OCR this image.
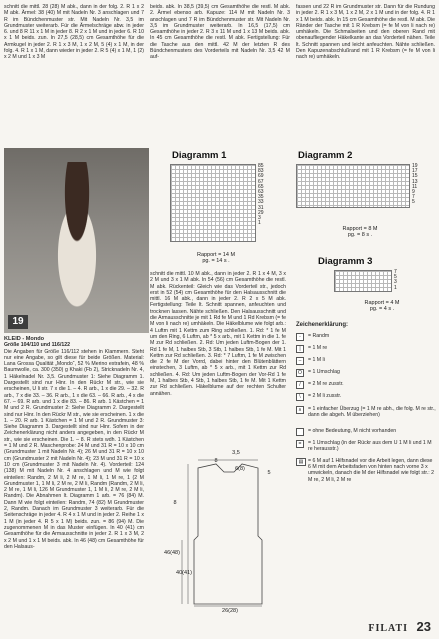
schnitt die mittl. 28 (28) M abk., dann in der folg. 2. R 1 x 2 M abk. Ärmel: 38 (40) M mit Nadeln Nr. 3 anschlagen und 7 R im Bündchenmuster str. Mit Nadeln Nr. 3,5 im Grundmuster weiterarb. Für die Ärmelschräge abw. in jeder 6. und 8 R 11 x 1 M in jeder 8. R 2 x 1 M und in jeder 6. R 10 x 1 M beids. zun. In 27,5 (28,5) cm Gesamthöhe für die Armkugel in jeder 2. R 1 x 3 M, 1 x 2 M, 5 (4) x 1 M, in der folg. 4. R 1 x 1 M, dann wieder in jeder 2. R 5 (4) x 1 M, 1 (2) x 2 M und 1 x 3 M

beids. abk. In 38,5 (39,5) cm Gesamthöhe die restl. M abk. 2. Ärmel ebenso arb. Kapuze: 114 M mit Nadeln Nr. 3 anschlagen und 7 R im Bündchenmuster str. Mit Nadeln Nr. 3,5 im Grundmuster weiterarb. In 16,5 (17,5) cm Gesamthöhe in jeder 2. R 3 x 11 M und 1 x 13 M beids. abk. In 45 cm Gesamthöhe die restl. M abk. Fertigstellung: Für die Tasche aus den mittl. 42 M der letzten R des Bündchenmusters des Vorderteils mit Nadeln Nr. 3,5 42 M auf-

fassen und 22 R im Grundmuster str. Dann für die Rundung in jeder 2. R 1 x 3 M, 1 x 2 M, 2 x 1 M und in der folg. 4. R 1 x 1 M beids. abk. In 15 cm Gesamthöhe die restl. M abk. Die Ränder der Tasche mit 1 R Krebsm (= fe M von li nach re) umhäkeln. Die Schmalseiten und den oberen Rand mit obenaufliegender Häkelkante an das Vorderteil nähen. Teile lt. Schnitt spannen und leicht anfeuchten. Nähte schließen. Den Kapuzenabschlußrand mit 1 R Krebsm (= fe M von li nach re) umhäkeln.

19
Diagramm 1
85
83
69
67
65
63
35
33
31
29
3
1
Rapport = 14 M
pg. = 14 s .
Diagramm 2
19
17
15
13
11
9
7
5
Rapport = 8 M
pg. = 8 s .

schnitt die mittl. 10 M abk., dann in jeder 2. R 1 x 4 M, 3 x 2 M und 3 x 1 M abk. In 54 (56) cm Gesamthöhe die restl. M abk. Rückenteil: Gleich wie das Vorderteil str., jedoch erst in 52 (54) cm Gesamthöhe für den Halsausschnitt die mittl. 16 M abk., dann in jeder 2. R 2 x 5 M abk. Fertigstellung: Teile lt. Schnitt spannen, anfeuchten und trocknen lassen. Nähte schließen. Den Halsausschnitt und die Armausschnitte je mit 1 Rd fe M und 1 Rd Krebsm (= fe M von li nach re) umhäkeln. Die Häkelblume wie folgt arb.: 4 Luftm mit 1 Kettm zum Ring schließen. 1. Rd: * 1 fe M um den Ring, 6 Luftm, ab * 5 x arb., mit 1 Kettm in die 1. fe M zur Rd schließen. 2. Rd: Um jeden Luftm-Bogen der 1. Rd 1 fe M, 1 halbes Stb, 3 Stb, 1 halbes Stb, 1 fe M. Mit 1 Kettm zur Rd schließen. 3. Rd: * 7 Luftm, 1 fe M zwischen die 2 fe M der Vorrd, dabei hinter den Blütenblättern einstechen, 3 Luftm, ab * 5 x arb., mit 1 Kettm zur Rd schließen. 4. Rd: Um jeden Luftm-Bogen der Vor-Rd 1 fe M, 1 halbes Stb, 4 Stb, 1 halbes Stb, 1 fe M. Mit 1 Kettm zur Rd schließen. Häkelblume auf der rechten Schulter annähen.

Diagramm 3
7
5
3
1
Rapport = 4 M
pg. = 4 s .
Zeichenerklärung:
◦	= Randm
|	= 1 M re
–	= 1 M li
O	= 1 Umschlag
/	= 2 M re zusstr.
\	= 2 M li zusstr.
∧	= 1 einfacher Überzug (= 1 M re abh., die folg. M re str., dann die abgeh. M überziehen)
= ohne Bedeutung, M nicht vorhanden
=	= 1 Umschlag (in der Rückr aus dem U 1 M li und 1 M re herausstr.)
▤ = 6 M auf 1 Hilfsnadel vor die Arbeit legen, dann diese 6 M mit dem Arbeitsfaden von hinten nach vorne 3 x umwickeln, danach die M der Hilfsnadel wie folgt str.: 2 M re, 2 M li, 2 M re

KLEID - Mondo

Größe 104/110 und 116/122

Die Angaben für Größe 116/112 stehen in Klammern. Steht nur eine Angabe, so gilt diese für beide Größen. Material: Lana Grossa Qualität „Mondo“, 52 % Merino extrafein, 48 % Baumwolle, ca. 300 (350) g Khaki (Fb 2), Stricknadeln Nr. 4, 1 Häkelnadel Nr. 3,5. Grundmuster 1: Siehe Diagramm 1. Dargestellt sind nur Hinr. In den Rückr M str., wie sie erscheinen, U li str. 7 x die 1. – 4. R arb., 1 x die 29. – 32. R arb., 7 x die 33. – 36. R arb., 1 x die 63. – 66. R arb., 4 x die 67. – 69. R arb. und 1 x die 83. – 86. R arb. 1 Kästchen = 1 M und 2 R. Grundmuster 2: Siehe Diagramm 2. Dargestellt sind nur Hinr. In den Rückr M str., wie sie erscheinen. 1 x die 1. – 20. R arb. 1 Kästchen = 1 M und 2 R. Grundmuster 3: Siehe Diagramm 3. Dargestellt sind nur Hinr. Sofern in der Zeichenerklärung nicht anders angegeben, in den Rückr M str., wie sie erscheinen. Die 1. – 8. R stets wdh. 1 Kästchen = 1 M und 2 R. Maschenprobe: 24 M und 31 R = 10 x 10 cm (Grundmuster 1 mit Nadeln Nr. 4); 26 M und 31 R = 10 x 10 cm (Grundmuster 2 mit Nadeln Nr. 4); 23 M und 31 R = 10 x 10 cm (Grundmuster 3 mit Nadeln Nr. 4). Vorderteil: 124 (138) M mit Nadeln Nr. 4 anschlagen und M wie folgt einteilen: Randm, 2 M li, 2 M re, 1 M li, 1 M re, 1 (2 M Grundmuster 1, 1 M li, 2 M re, 2 M li, Randm (Randm, 2 M li, 2 M re, 1 M li, 126 M Grundmuster 1, 1 M li, 2 M re, 2 M li, Randm). Die Abnahmen lt. Diagramm 1 arb. = 76 (84) M. Dann M wie folgt einteilen: Randm, 74 (82) M Grundmuster 2, Randm. Danach im Grundmuster 3 weiterarb. Für die Seitenschräge in jeder 4. R 4 x 1 M und in jeder 2. Reihe 1 x 1 M (in jeder 4. R 5 x 1 M) beids. zun. = 86 (94) M. Die zugenommenen M in das Muster einfügen. In 40 (41) cm Gesamthöhe für die Armausschnitte in jeder 2. R 1 x 3 M, 2 x 2 M und 1 x 1 M beids. abk. In 46 (48) cm Gesamthöhe für den Halsaus-

3,5
8
6(8)
8
46(48)
40(41)
5
26(28)
FILATI 23
